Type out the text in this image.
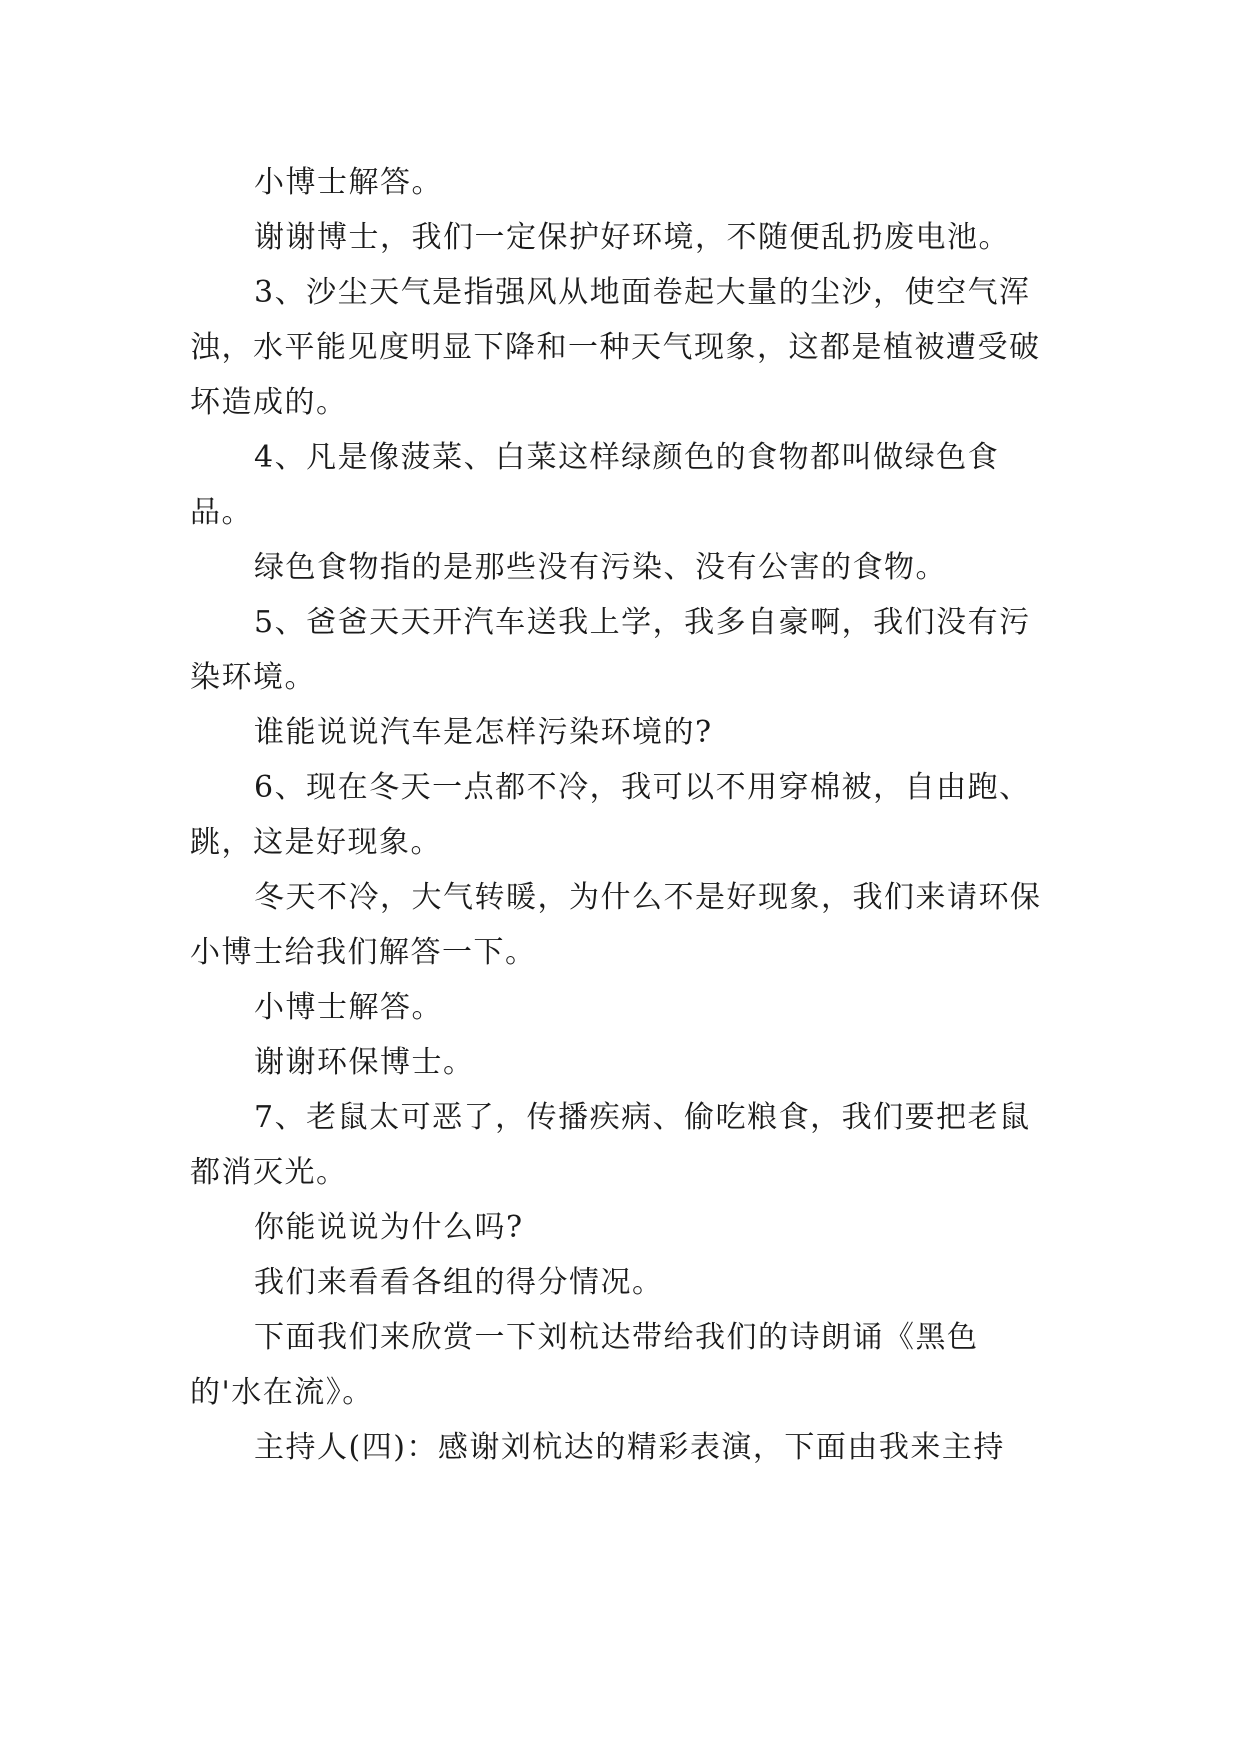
小博士解答。

谢谢博士，我们一定保护好环境，不随便乱扔废电池。

3、沙尘天气是指强风从地面卷起大量的尘沙，使空气浑浊，水平能见度明显下降和一种天气现象，这都是植被遭受破坏造成的。

4、凡是像菠菜、白菜这样绿颜色的食物都叫做绿色食品。

绿色食物指的是那些没有污染、没有公害的食物。

5、爸爸天天开汽车送我上学，我多自豪啊，我们没有污染环境。

谁能说说汽车是怎样污染环境的?

6、现在冬天一点都不冷，我可以不用穿棉被，自由跑、跳，这是好现象。

冬天不冷，大气转暖，为什么不是好现象，我们来请环保小博士给我们解答一下。

小博士解答。

谢谢环保博士。

7、老鼠太可恶了，传播疾病、偷吃粮食，我们要把老鼠都消灭光。

你能说说为什么吗?

我们来看看各组的得分情况。

下面我们来欣赏一下刘杭达带给我们的诗朗诵《黑色的'水在流》。

主持人(四)：感谢刘杭达的精彩表演，下面由我来主持
